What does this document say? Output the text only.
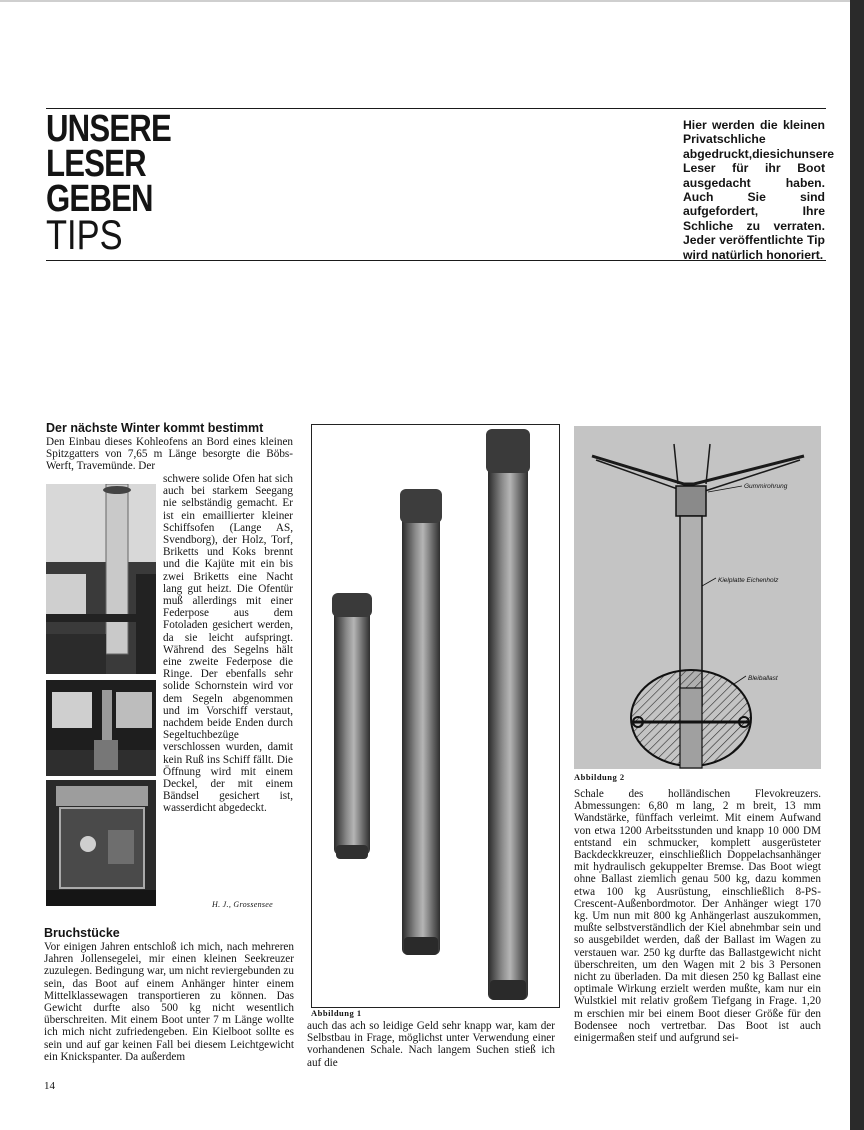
UNSERE
LESER
GEBEN
TIPS
Hier werden die kleinen Privatschliche abgedruckt,diesichunsere Leser für ihr Boot ausgedacht haben. Auch Sie sind aufgefordert, Ihre Schliche zu verraten. Jeder veröffentlichte Tip wird natürlich honoriert.
Der nächste Winter kommt bestimmt
Den Einbau dieses Kohleofens an Bord eines kleinen Spitzgatters von 7,65 m Länge besorgte die Böbs-Werft, Travemünde. Der
schwere solide Ofen hat sich auch bei starkem Seegang nie selbständig gemacht. Er ist ein emaillierter kleiner Schiffsofen (Lange AS, Svendborg), der Holz, Torf, Briketts und Koks brennt und die Kajüte mit ein bis zwei Briketts eine Nacht lang gut heizt. Die Ofentür muß allerdings mit einer Federpose aus dem Fotoladen gesichert werden, da sie leicht aufspringt. Während des Segelns hält eine zweite Federpose die Ringe. Der ebenfalls sehr solide Schornstein wird vor dem Segeln abgenommen und im Vorschiff verstaut, nachdem beide Enden durch Segeltuchbezüge verschlossen wurden, damit kein Ruß ins Schiff fällt. Die Öffnung wird mit einem Deckel, der mit einem Bändsel gesichert ist, wasserdicht abgedeckt.
H. J., Grossensee
Bruchstücke
Vor einigen Jahren entschloß ich mich, nach mehreren Jahren Jollensegelei, mir einen kleinen Seekreuzer zuzulegen. Bedingung war, um nicht reviergebunden zu sein, das Boot auf einem Anhänger hinter einem Mittelklassewagen transportieren zu können. Das Gewicht durfte also 500 kg nicht wesentlich überschreiten. Mit einem Boot unter 7 m Länge wollte ich mich nicht zufriedengeben. Ein Kielboot sollte es sein und auf gar keinen Fall bei diesem Leichtgewicht ein Knickspanter. Da außerdem
Abbildung 1
auch das ach so leidige Geld sehr knapp war, kam der Selbstbau in Frage, möglichst unter Verwendung einer vorhandenen Schale. Nach langem Suchen stieß ich auf die
Gummirohrung
Kielplatte Eichenholz
Bleiballast
Abbildung 2
Schale des holländischen Flevokreuzers. Abmessungen: 6,80 m lang, 2 m breit, 13 mm Wandstärke, fünffach verleimt. Mit einem Aufwand von etwa 1200 Arbeitsstunden und knapp 10 000 DM entstand ein schmucker, komplett ausgerüsteter Backdeckkreuzer, einschließlich Doppelachsanhänger mit hydraulisch gekuppelter Bremse. Das Boot wiegt ohne Ballast ziemlich genau 500 kg, dazu kommen etwa 100 kg Ausrüstung, einschließlich 8-PS-Crescent-Außenbordmotor. Der Anhänger wiegt 170 kg. Um nun mit 800 kg Anhängerlast auszukommen, mußte selbstverständlich der Kiel abnehmbar sein und so ausgebildet werden, daß der Ballast im Wagen zu verstauen war. 250 kg durfte das Ballastgewicht nicht überschreiten, um den Wagen mit 2 bis 3 Personen nicht zu überladen. Da mit diesen 250 kg Ballast eine optimale Wirkung erzielt werden mußte, kam nur ein Wulstkiel mit relativ großem Tiefgang in Frage. 1,20 m erschien mir bei einem Boot dieser Größe für den Bodensee noch vertretbar. Das Boot ist auch einigermaßen steif und aufgrund sei-
14
